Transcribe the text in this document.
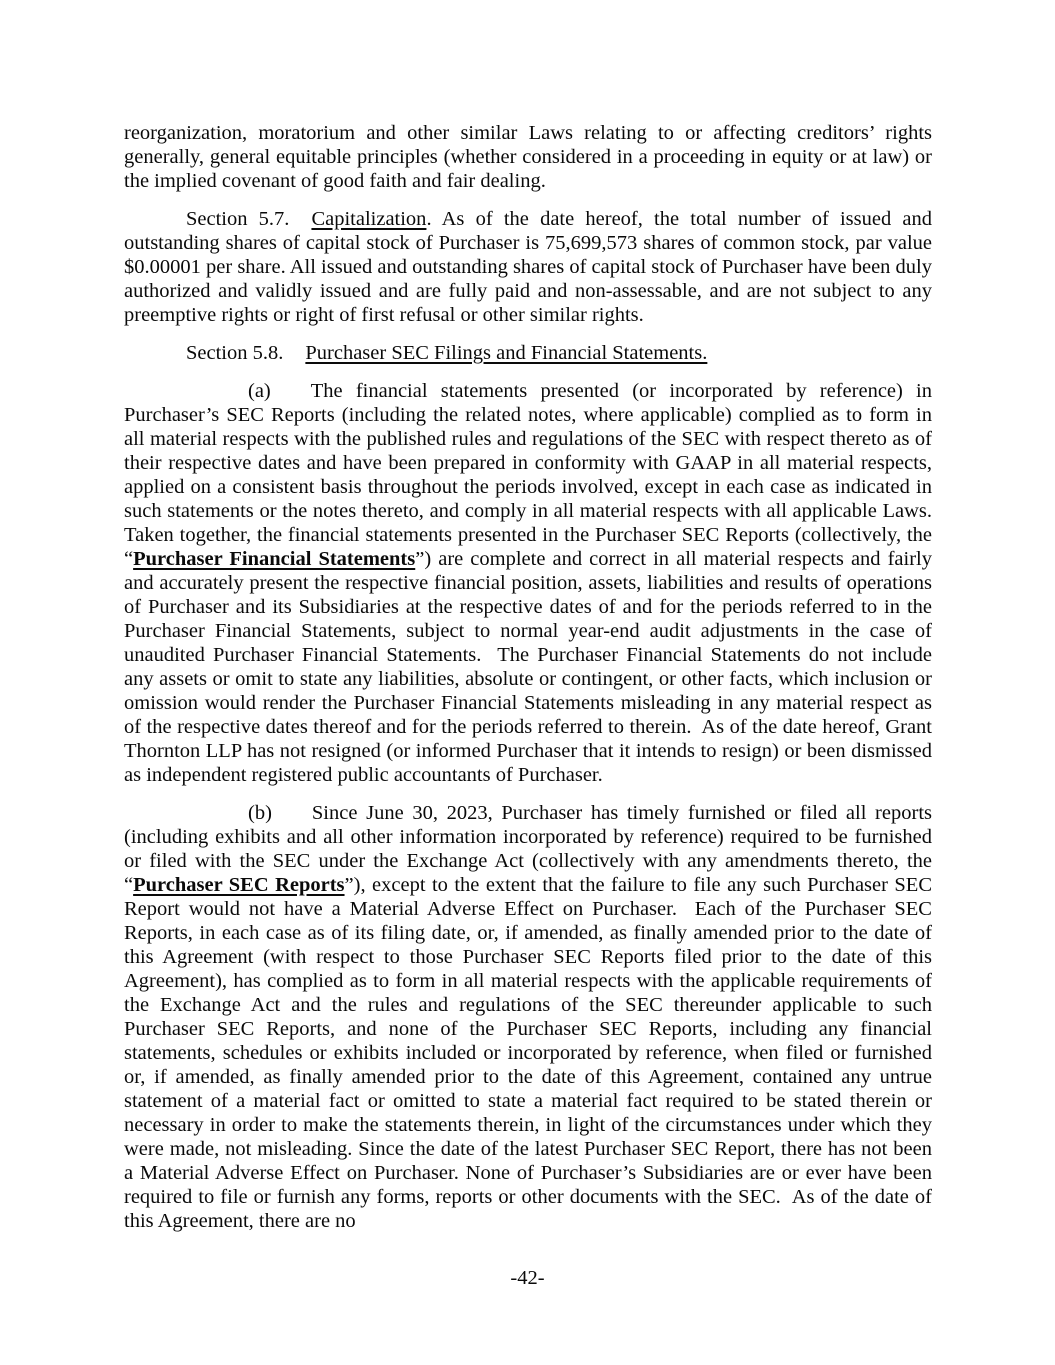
reorganization, moratorium and other similar Laws relating to or affecting creditors’ rights generally, general equitable principles (whether considered in a proceeding in equity or at law) or the implied covenant of good faith and fair dealing.

Section 5.7. Capitalization. As of the date hereof, the total number of issued and outstanding shares of capital stock of Purchaser is 75,699,573 shares of common stock, par value $0.00001 per share. All issued and outstanding shares of capital stock of Purchaser have been duly authorized and validly issued and are fully paid and non-assessable, and are not subject to any preemptive rights or right of first refusal or other similar rights.

Section 5.8. Purchaser SEC Filings and Financial Statements.

(a) The financial statements presented (or incorporated by reference) in Purchaser’s SEC Reports (including the related notes, where applicable) complied as to form in all material respects with the published rules and regulations of the SEC with respect thereto as of their respective dates and have been prepared in conformity with GAAP in all material respects, applied on a consistent basis throughout the periods involved, except in each case as indicated in such statements or the notes thereto, and comply in all material respects with all applicable Laws. Taken together, the financial statements presented in the Purchaser SEC Reports (collectively, the “Purchaser Financial Statements”) are complete and correct in all material respects and fairly and accurately present the respective financial position, assets, liabilities and results of operations of Purchaser and its Subsidiaries at the respective dates of and for the periods referred to in the Purchaser Financial Statements, subject to normal year-end audit adjustments in the case of unaudited Purchaser Financial Statements.  The Purchaser Financial Statements do not include any assets or omit to state any liabilities, absolute or contingent, or other facts, which inclusion or omission would render the Purchaser Financial Statements misleading in any material respect as of the respective dates thereof and for the periods referred to therein.  As of the date hereof, Grant Thornton LLP has not resigned (or informed Purchaser that it intends to resign) or been dismissed as independent registered public accountants of Purchaser.

(b) Since June 30, 2023, Purchaser has timely furnished or filed all reports (including exhibits and all other information incorporated by reference) required to be furnished or filed with the SEC under the Exchange Act (collectively with any amendments thereto, the “Purchaser SEC Reports”), except to the extent that the failure to file any such Purchaser SEC Report would not have a Material Adverse Effect on Purchaser.  Each of the Purchaser SEC Reports, in each case as of its filing date, or, if amended, as finally amended prior to the date of this Agreement (with respect to those Purchaser SEC Reports filed prior to the date of this Agreement), has complied as to form in all material respects with the applicable requirements of the Exchange Act and the rules and regulations of the SEC thereunder applicable to such Purchaser SEC Reports, and none of the Purchaser SEC Reports, including any financial statements, schedules or exhibits included or incorporated by reference, when filed or furnished or, if amended, as finally amended prior to the date of this Agreement, contained any untrue statement of a material fact or omitted to state a material fact required to be stated therein or necessary in order to make the statements therein, in light of the circumstances under which they were made, not misleading. Since the date of the latest Purchaser SEC Report, there has not been a Material Adverse Effect on Purchaser. None of Purchaser’s Subsidiaries are or ever have been required to file or furnish any forms, reports or other documents with the SEC.  As of the date of this Agreement, there are no

-42-
